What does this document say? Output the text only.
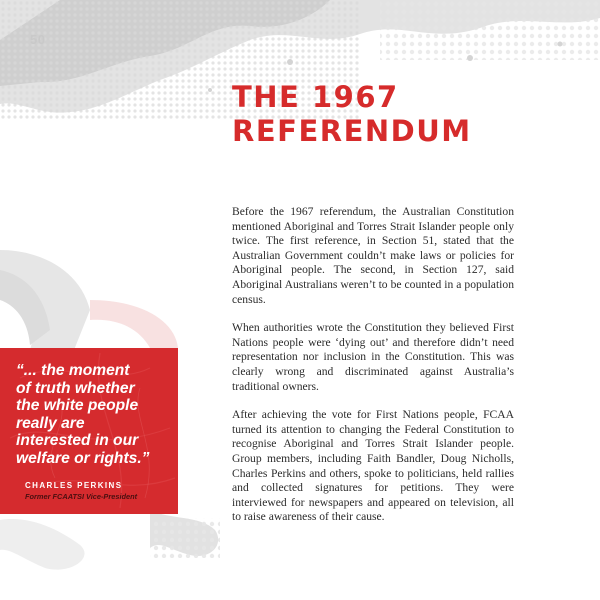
50
THE 1967
REFERENDUM

Before the 1967 referendum, the Australian Constitution mentioned Aboriginal and Torres Strait Islander people only twice. The first reference, in Section 51, stated that the Australian Government couldn’t make laws or policies for Aboriginal people. The second, in Section 127, said Aboriginal Australians weren’t to be counted in a population census.

When authorities wrote the Constitution they believed First Nations people were ‘dying out’ and therefore didn’t need representation nor inclusion in the Constitution. This was clearly wrong and discriminated against Australia’s traditional owners.

After achieving the vote for First Nations people, FCAA turned its attention to changing the Federal Constitution to recognise Aboriginal and Torres Strait Islander people. Group members, including Faith Bandler, Doug Nicholls, Charles Perkins and others, spoke to politicians, held rallies and collected signatures for petitions. They were interviewed for newspapers and appeared on television, all to raise awareness of their cause.

“... the moment
of truth whether
the white people
really are
interested in our
welfare or rights.”
CHARLES PERKINS
Former FCAATSI Vice-President
